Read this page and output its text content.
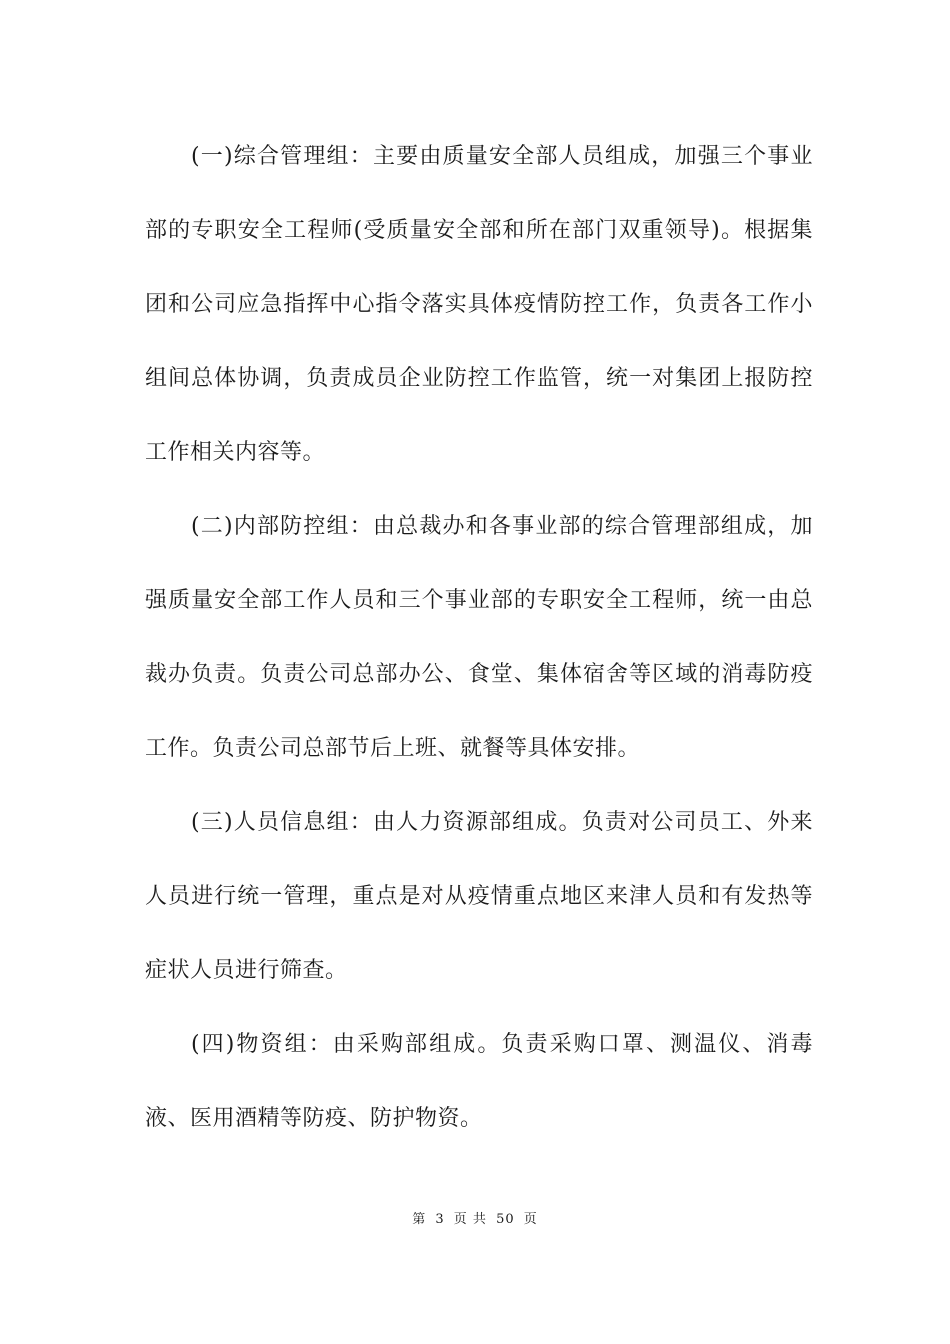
(一)综合管理组：主要由质量安全部人员组成，加强三个事业部的专职安全工程师(受质量安全部和所在部门双重领导)。根据集团和公司应急指挥中心指令落实具体疫情防控工作，负责各工作小组间总体协调，负责成员企业防控工作监管，统一对集团上报防控工作相关内容等。

(二)内部防控组：由总裁办和各事业部的综合管理部组成，加强质量安全部工作人员和三个事业部的专职安全工程师，统一由总裁办负责。负责公司总部办公、食堂、集体宿舍等区域的消毒防疫工作。负责公司总部节后上班、就餐等具体安排。

(三)人员信息组：由人力资源部组成。负责对公司员工、外来人员进行统一管理，重点是对从疫情重点地区来津人员和有发热等症状人员进行筛查。

(四)物资组：由采购部组成。负责采购口罩、测温仪、消毒液、医用酒精等防疫、防护物资。

第 3 页 共 50 页
